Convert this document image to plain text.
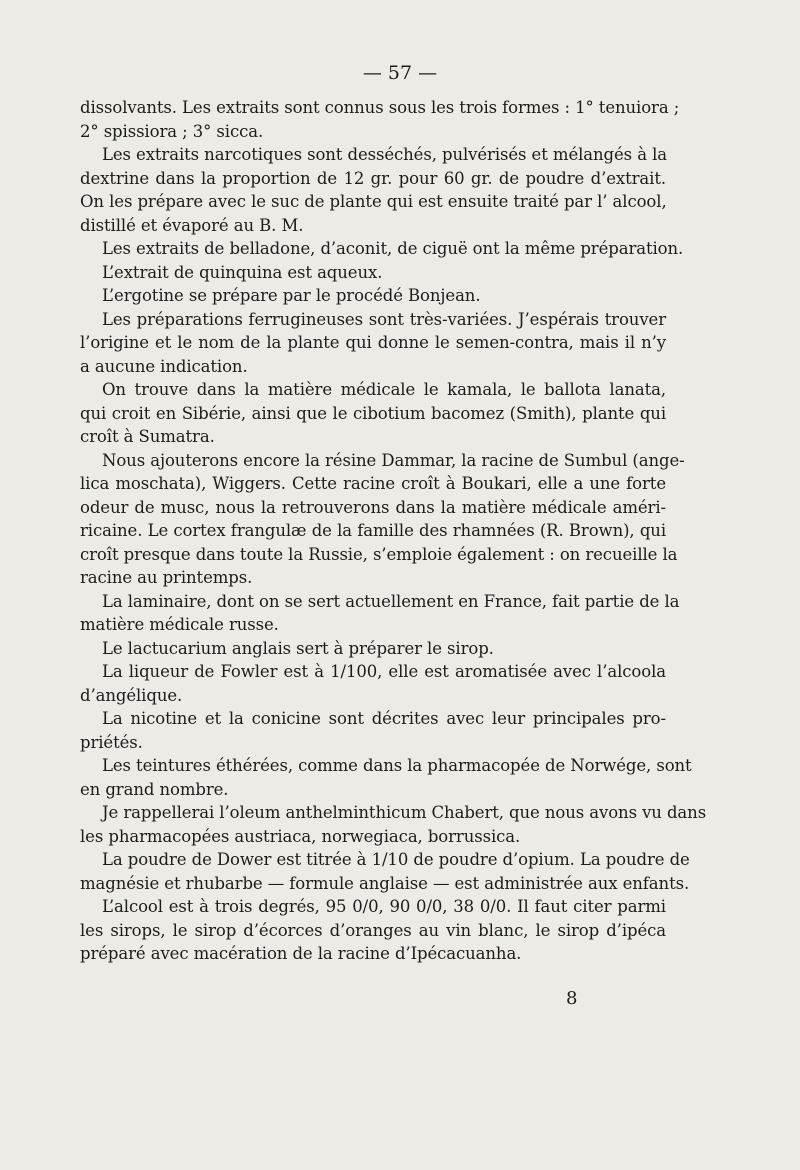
— 57 —
dissolvants. Les extraits sont connus sous les trois formes : 1° tenuiora ;
2° spissiora ; 3° sicca.
Les extraits narcotiques sont desséchés, pulvérisés et mélangés à la
dextrine dans la proportion de 12 gr. pour 60 gr. de poudre d’extrait.
On les prépare avec le suc de plante qui est ensuite traité par l’ alcool,
distillé et évaporé au B. M.
Les extraits de belladone, d’aconit, de ciguë ont la même préparation.
L’extrait de quinquina est aqueux.
L’ergotine se prépare par le procédé Bonjean.
Les préparations ferrugineuses sont très-variées. J’espérais trouver
l’origine et le nom de la plante qui donne le semen-contra, mais il n’y
a aucune indication.
On trouve dans la matière médicale le kamala, le ballota lanata,
qui croit en Sibérie, ainsi que le cibotium bacomez (Smith), plante qui
croît à Sumatra.
Nous ajouterons encore la résine Dammar, la racine de Sumbul (ange-
lica moschata), Wiggers. Cette racine croît à Boukari, elle a une forte
odeur de musc, nous la retrouverons dans la matière médicale améri-
ricaine. Le cortex frangulæ de la famille des rhamnées (R. Brown), qui
croît presque dans toute la Russie, s’emploie également : on recueille la
racine au printemps.
La laminaire, dont on se sert actuellement en France, fait partie de la
matière médicale russe.
Le lactucarium anglais sert à préparer le sirop.
La liqueur de Fowler est à 1/100, elle est aromatisée avec l’alcoola
d’angélique.
La nicotine et la conicine sont décrites avec leur principales pro-
priétés.
Les teintures éthérées, comme dans la pharmacopée de Norwége, sont
en grand nombre.
Je rappellerai l’oleum anthelminthicum Chabert, que nous avons vu dans
les pharmacopées austriaca, norwegiaca, borrussica.
La poudre de Dower est titrée à 1/10 de poudre d’opium. La poudre de
magnésie et rhubarbe — formule anglaise — est administrée aux enfants.
L’alcool est à trois degrés, 95 0/0, 90 0/0, 38 0/0. Il faut citer parmi
les sirops, le sirop d’écorces d’oranges au vin blanc, le sirop d’ipéca
préparé avec macération de la racine d’Ipécacuanha.
8
